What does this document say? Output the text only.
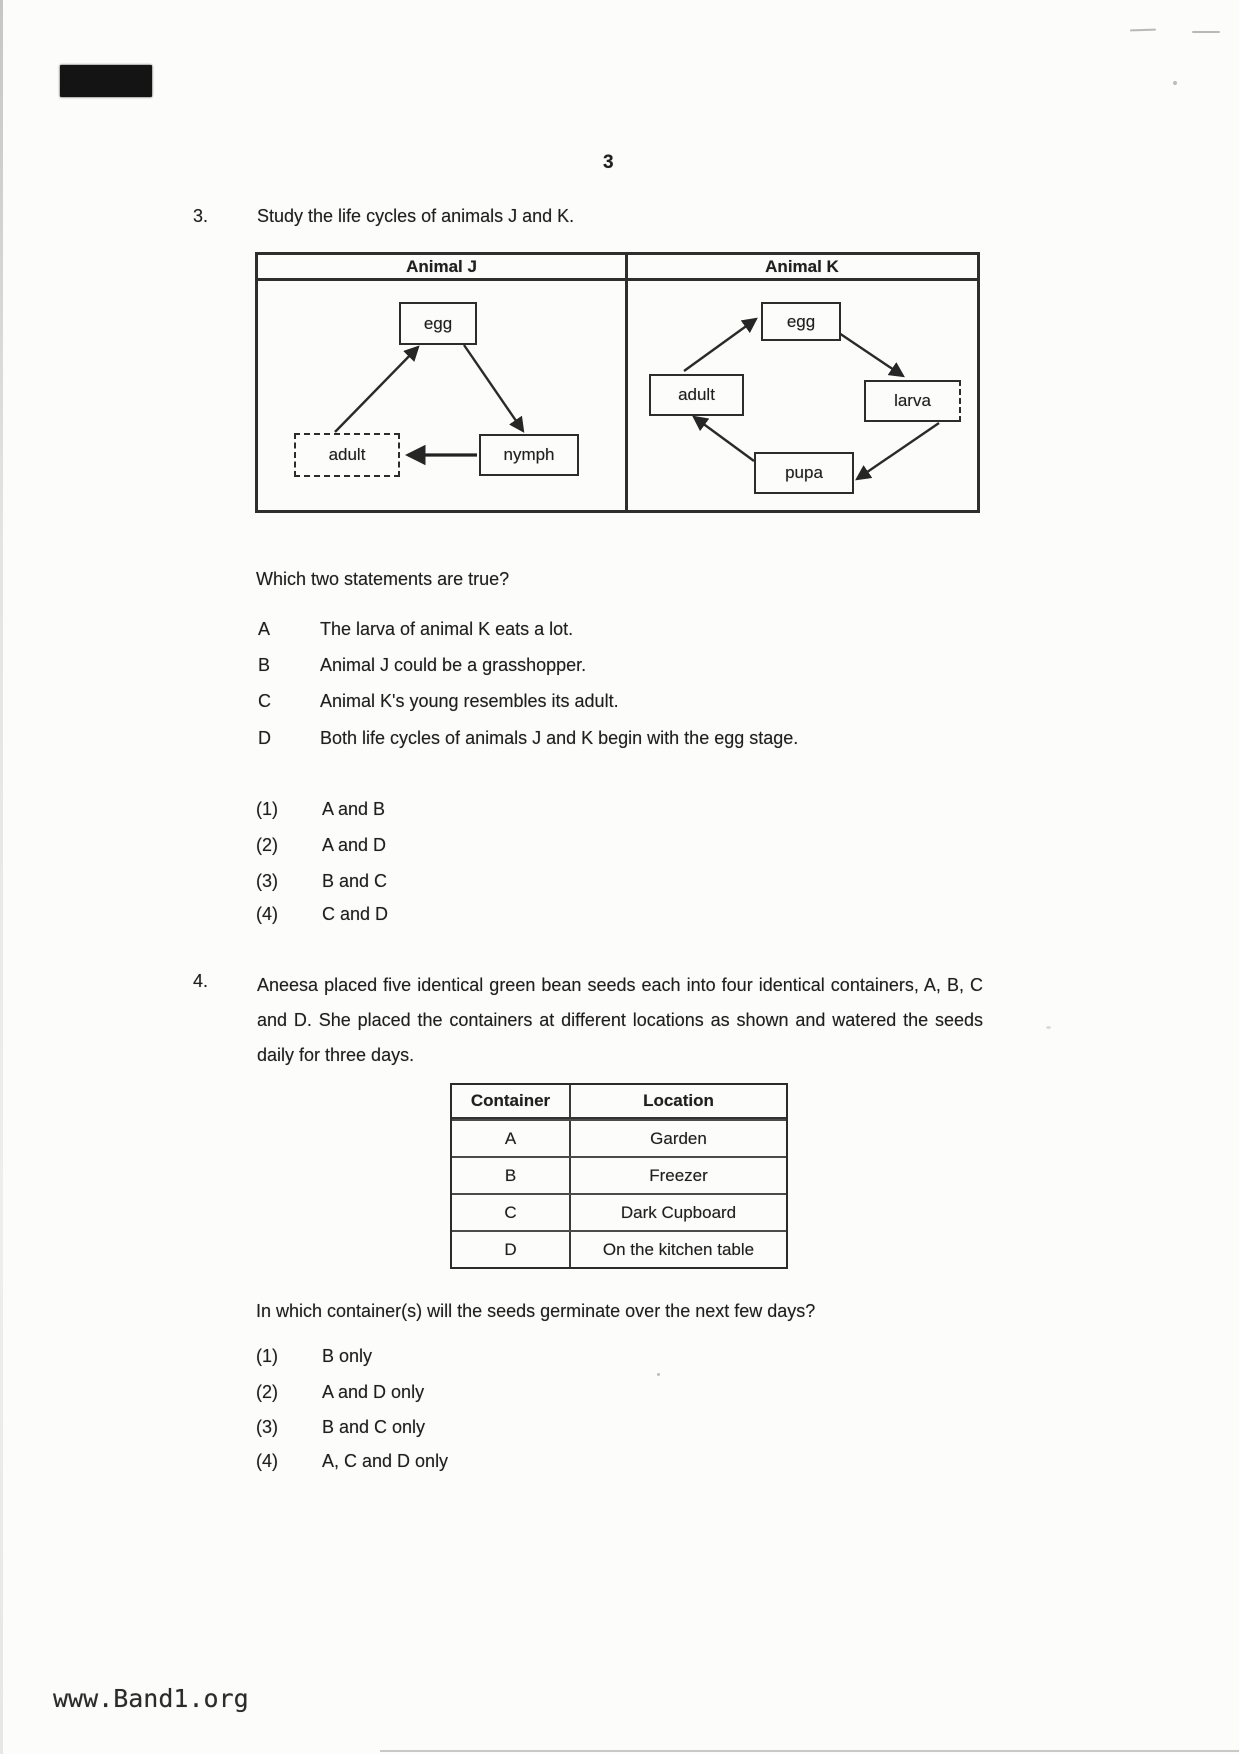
3
3.	Study the life cycles of animals J and K.
Animal J	Animal K
egg
adult	nymph
egg
adult	larva
pupa
Which two statements are true?
A	The larva of animal K eats a lot.
B	Animal J could be a grasshopper.
C	Animal K's young resembles its adult.
D	Both life cycles of animals J and K begin with the egg stage.
(1) A and B
(2) A and D
(3) B and C
(4) C and D
4.	Aneesa placed five identical green bean seeds each into four identical containers, A, B, C and D. She placed the containers at different locations as shown and watered the seeds daily for three days.
Container	Location
A	Garden
B	Freezer
C	Dark Cupboard
D	On the kitchen table
In which container(s) will the seeds germinate over the next few days?
(1) B only
(2) A and D only
(3) B and C only
(4) A, C and D only
www.Band1.org
